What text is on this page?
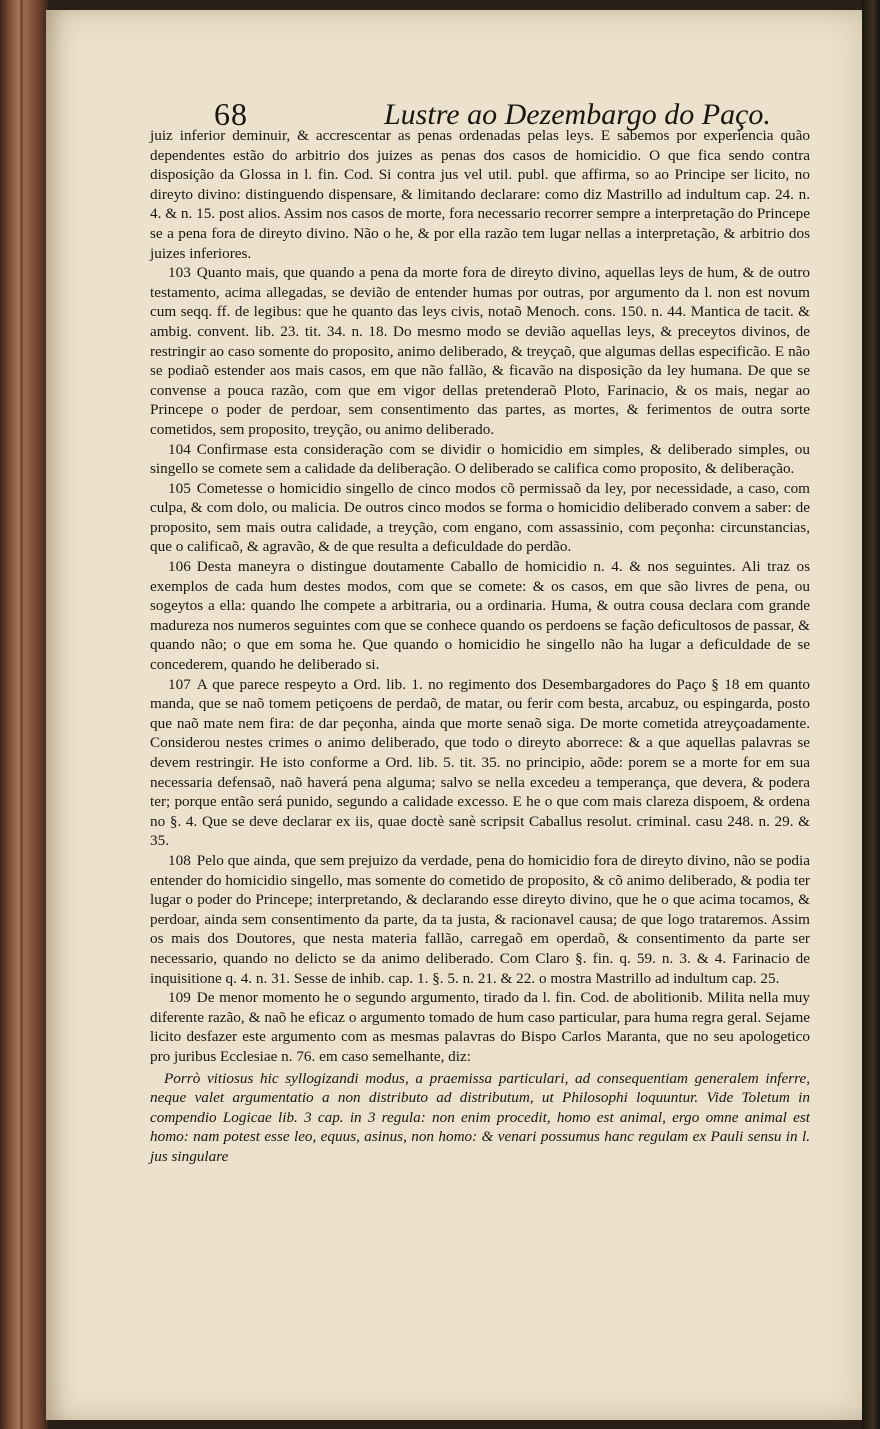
68	Lustre ao Dezembargo do Paço.

juiz inferior deminuir, & accrescentar as penas ordenadas pelas leys. E sabemos por experiencia quão dependentes estão do arbitrio dos juizes as penas dos casos de homicidio. O que fica sendo contra disposição da Glossa in l. fin. Cod. Si contra jus vel util. publ. que affirma, so ao Principe ser licito, no direyto divino: distinguendo dispensare, & limitando declarare: como diz Mastrillo ad indultum cap. 24. n. 4. & n. 15. post alios. Assim nos casos de morte, fora necessario recorrer sempre a interpretação do Princepe se a pena fora de direyto divino. Não o he, & por ella razão tem lugar nellas a interpretação, & arbitrio dos juizes inferiores.

103 Quanto mais, que quando a pena da morte fora de direyto divino, aquellas leys de hum, & de outro testamento, acima allegadas, se devião de entender humas por outras, por argumento da l. non est novum cum seqq. ff. de legibus: que he quanto das leys civis, notaõ Menoch. cons. 150. n. 44. Mantica de tacit. & ambig. convent. lib. 23. tit. 34. n. 18. Do mesmo modo se devião aquellas leys, & preceytos divinos, de restringir ao caso somente do proposito, animo deliberado, & treyçaõ, que algumas dellas especificão. E não se podiaõ estender aos mais casos, em que não fallão, & ficavão na disposição da ley humana. De que se convense a pouca razão, com que em vigor dellas pretenderaõ Ploto, Farinacio, & os mais, negar ao Princepe o poder de perdoar, sem consentimento das partes, as mortes, & ferimentos de outra sorte cometidos, sem proposito, treyção, ou animo deliberado.

104 Confirmase esta consideração com se dividir o homicidio em simples, & deliberado simples, ou singello se comete sem a calidade da deliberação. O deliberado se califica como proposito, & deliberação.

105 Cometesse o homicidio singello de cinco modos cõ permissaõ da ley, por necessidade, a caso, com culpa, & com dolo, ou malicia. De outros cinco modos se forma o homicidio deliberado convem a saber: de proposito, sem mais outra calidade, a treyção, com engano, com assassinio, com peçonha: circunstancias, que o calificaõ, & agravão, & de que resulta a deficuldade do perdão.

106 Desta maneyra o distingue doutamente Caballo de homicidio n. 4. & nos seguintes. Ali traz os exemplos de cada hum destes modos, com que se comete: & os casos, em que são livres de pena, ou sogeytos a ella: quando lhe compete a arbitraria, ou a ordinaria. Huma, & outra cousa declara com grande madureza nos numeros seguintes com que se conhece quando os perdoens se fação deficultosos de passar, & quando não; o que em soma he. Que quando o homicidio he singello não ha lugar a deficuldade de se concederem, quando he deliberado si.

107 A que parece respeyto a Ord. lib. 1. no regimento dos Desembargadores do Paço § 18 em quanto manda, que se naõ tomem petiçoens de perdaõ, de matar, ou ferir com besta, arcabuz, ou espingarda, posto que naõ mate nem fira: de dar peçonha, ainda que morte senaõ siga. De morte cometida atreyçoadamente. Considerou nestes crimes o animo deliberado, que todo o direyto aborrece: & a que aquellas palavras se devem restringir. He isto conforme a Ord. lib. 5. tit. 35. no principio, aõde: porem se a morte for em sua necessaria defensaõ, naõ haverá pena alguma; salvo se nella excedeu a temperança, que devera, & podera ter; porque então será punido, segundo a calidade excesso. E he o que com mais clareza dispoem, & ordena no §. 4. Que se deve declarar ex iis, quae doctè sanè scripsit Caballus resolut. criminal. casu 248. n. 29. & 35.

108 Pelo que ainda, que sem prejuizo da verdade, pena do homicidio fora de direyto divino, não se podia entender do homicidio singello, mas somente do cometido de proposito, & cõ animo deliberado, & podia ter lugar o poder do Princepe; interpretando, & declarando esse direyto divino, que he o que acima tocamos, & perdoar, ainda sem consentimento da parte, da ta justa, & racionavel causa; de que logo trataremos. Assim os mais dos Doutores, que nesta materia fallão, carregaõ em operdaõ, & consentimento da parte ser necessario, quando no delicto se da animo deliberado. Com Claro §. fin. q. 59. n. 3. & 4. Farinacio de inquisitione q. 4. n. 31. Sesse de inhib. cap. 1. §. 5. n. 21. & 22. o mostra Mastrillo ad indultum cap. 25.

109 De menor momento he o segundo argumento, tirado da l. fin. Cod. de abolitionib. Milita nella muy diferente razão, & naõ he eficaz o argumento tomado de hum caso particular, para huma regra geral. Sejame licito desfazer este argumento com as mesmas palavras do Bispo Carlos Maranta, que no seu apologetico pro juribus Ecclesiae n. 76. em caso semelhante, diz:

Porrò vitiosus hic syllogizandi modus, a praemissa particulari, ad consequentiam generalem inferre, neque valet argumentatio a non distributo ad distributum, ut Philosophi loquuntur. Vide Toletum in compendio Logicae lib. 3 cap. in 3 regula: non enim procedit, homo est animal, ergo omne animal est homo: nam potest esse leo, equus, asinus, non homo: & venari possumus hanc regulam ex Pauli sensu in l. jus singulare
